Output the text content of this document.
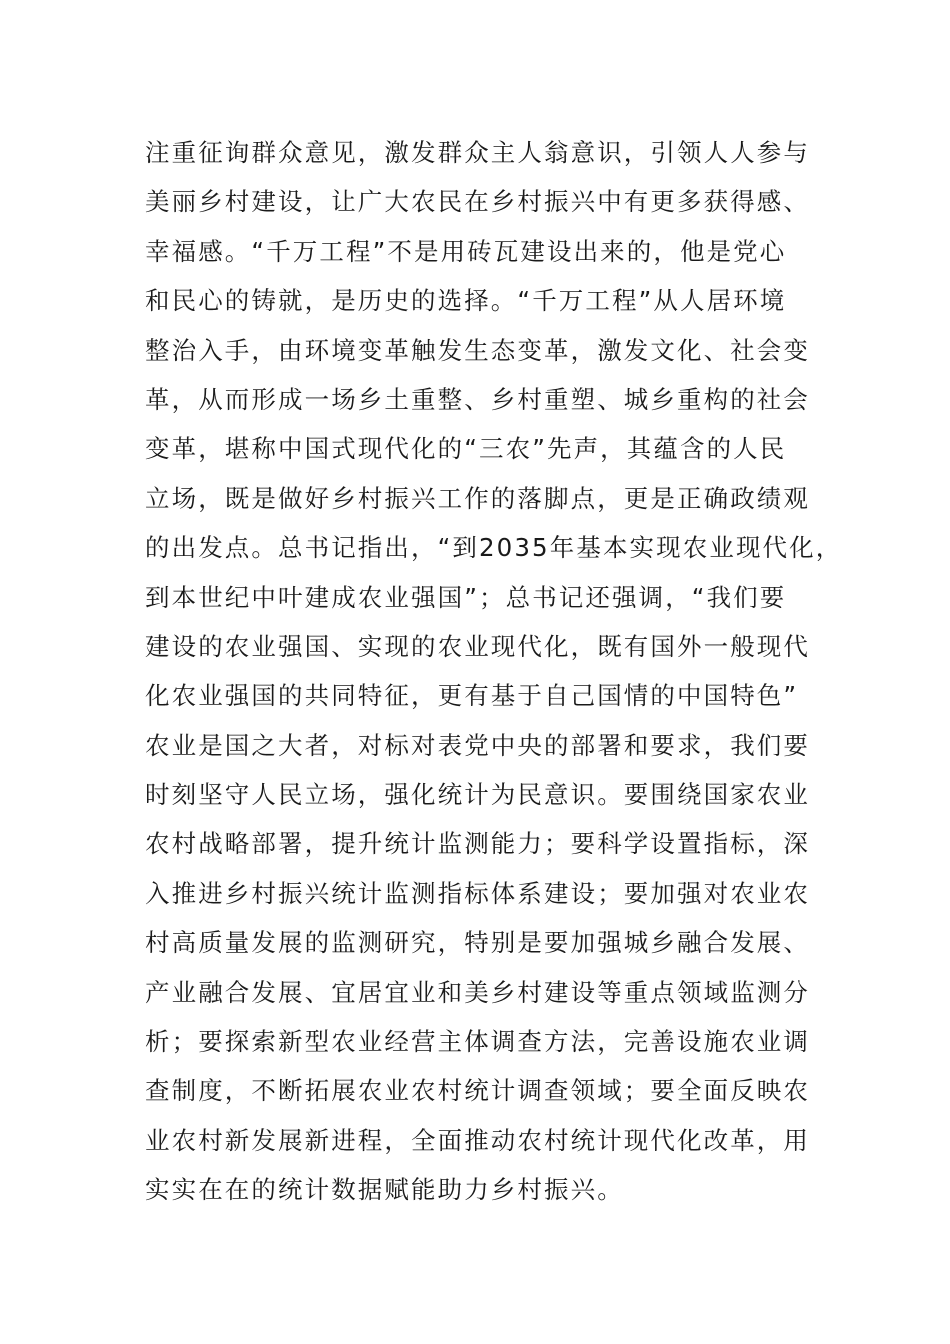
注重征询群众意见，激发群众主人翁意识，引领人人参与
美丽乡村建设，让广大农民在乡村振兴中有更多获得感、
幸福感。“千万工程”不是用砖瓦建设出来的，他是党心
和民心的铸就，是历史的选择。“千万工程”从人居环境
整治入手，由环境变革触发生态变革，激发文化、社会变
革，从而形成一场乡土重整、乡村重塑、城乡重构的社会
变革，堪称中国式现代化的“三农”先声，其蕴含的人民
立场，既是做好乡村振兴工作的落脚点，更是正确政绩观
的出发点。总书记指出，“到2035年基本实现农业现代化，
到本世纪中叶建成农业强国”；总书记还强调，“我们要
建设的农业强国、实现的农业现代化，既有国外一般现代
化农业强国的共同特征，更有基于自己国情的中国特色”
农业是国之大者，对标对表党中央的部署和要求，我们要
时刻坚守人民立场，强化统计为民意识。要围绕国家农业
农村战略部署，提升统计监测能力；要科学设置指标，深
入推进乡村振兴统计监测指标体系建设；要加强对农业农
村高质量发展的监测研究，特别是要加强城乡融合发展、
产业融合发展、宜居宜业和美乡村建设等重点领域监测分
析；要探索新型农业经营主体调查方法，完善设施农业调
查制度，不断拓展农业农村统计调查领域；要全面反映农
业农村新发展新进程，全面推动农村统计现代化改革，用
实实在在的统计数据赋能助力乡村振兴。
